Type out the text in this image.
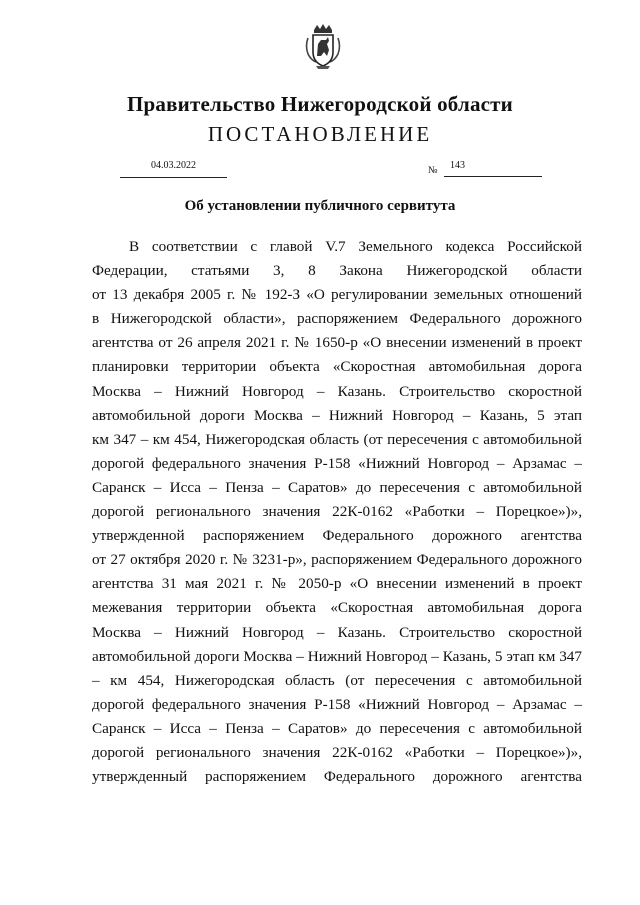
Правительство Нижегородской области
ПОСТАНОВЛЕНИЕ
04.03.2022	№ 143
Об установлении публичного сервитута
В соответствии с главой V.7 Земельного кодекса Российской
Федерации, статьями 3, 8 Закона Нижегородской области
от 13 декабря 2005 г. № 192-З «О регулировании земельных отношений
в Нижегородской области», распоряжением Федерального дорожного
агентства от 26 апреля 2021 г. № 1650-р «О внесении изменений в проект
планировки территории объекта «Скоростная автомобильная дорога
Москва – Нижний Новгород – Казань. Строительство скоростной
автомобильной дороги Москва – Нижний Новгород – Казань, 5 этап
км 347 – км 454, Нижегородская область (от пересечения с автомобильной
дорогой федерального значения Р-158 «Нижний Новгород – Арзамас –
Саранск – Исса – Пенза – Саратов» до пересечения с автомобильной
дорогой регионального значения 22К-0162 «Работки – Порецкое»)»,
утвержденной распоряжением Федерального дорожного агентства
от 27 октября 2020 г. № 3231-р», распоряжением Федерального дорожного
агентства 31 мая 2021 г. № 2050-р «О внесении изменений в проект
межевания территории объекта «Скоростная автомобильная дорога
Москва – Нижний Новгород – Казань. Строительство скоростной
автомобильной дороги Москва – Нижний Новгород – Казань, 5 этап км 347
– км 454, Нижегородская область (от пересечения с автомобильной
дорогой федерального значения Р-158 «Нижний Новгород – Арзамас –
Саранск – Исса – Пенза – Саратов» до пересечения с автомобильной
дорогой регионального значения 22К-0162 «Работки – Порецкое»)»,
утвержденный распоряжением Федерального дорожного агентства
